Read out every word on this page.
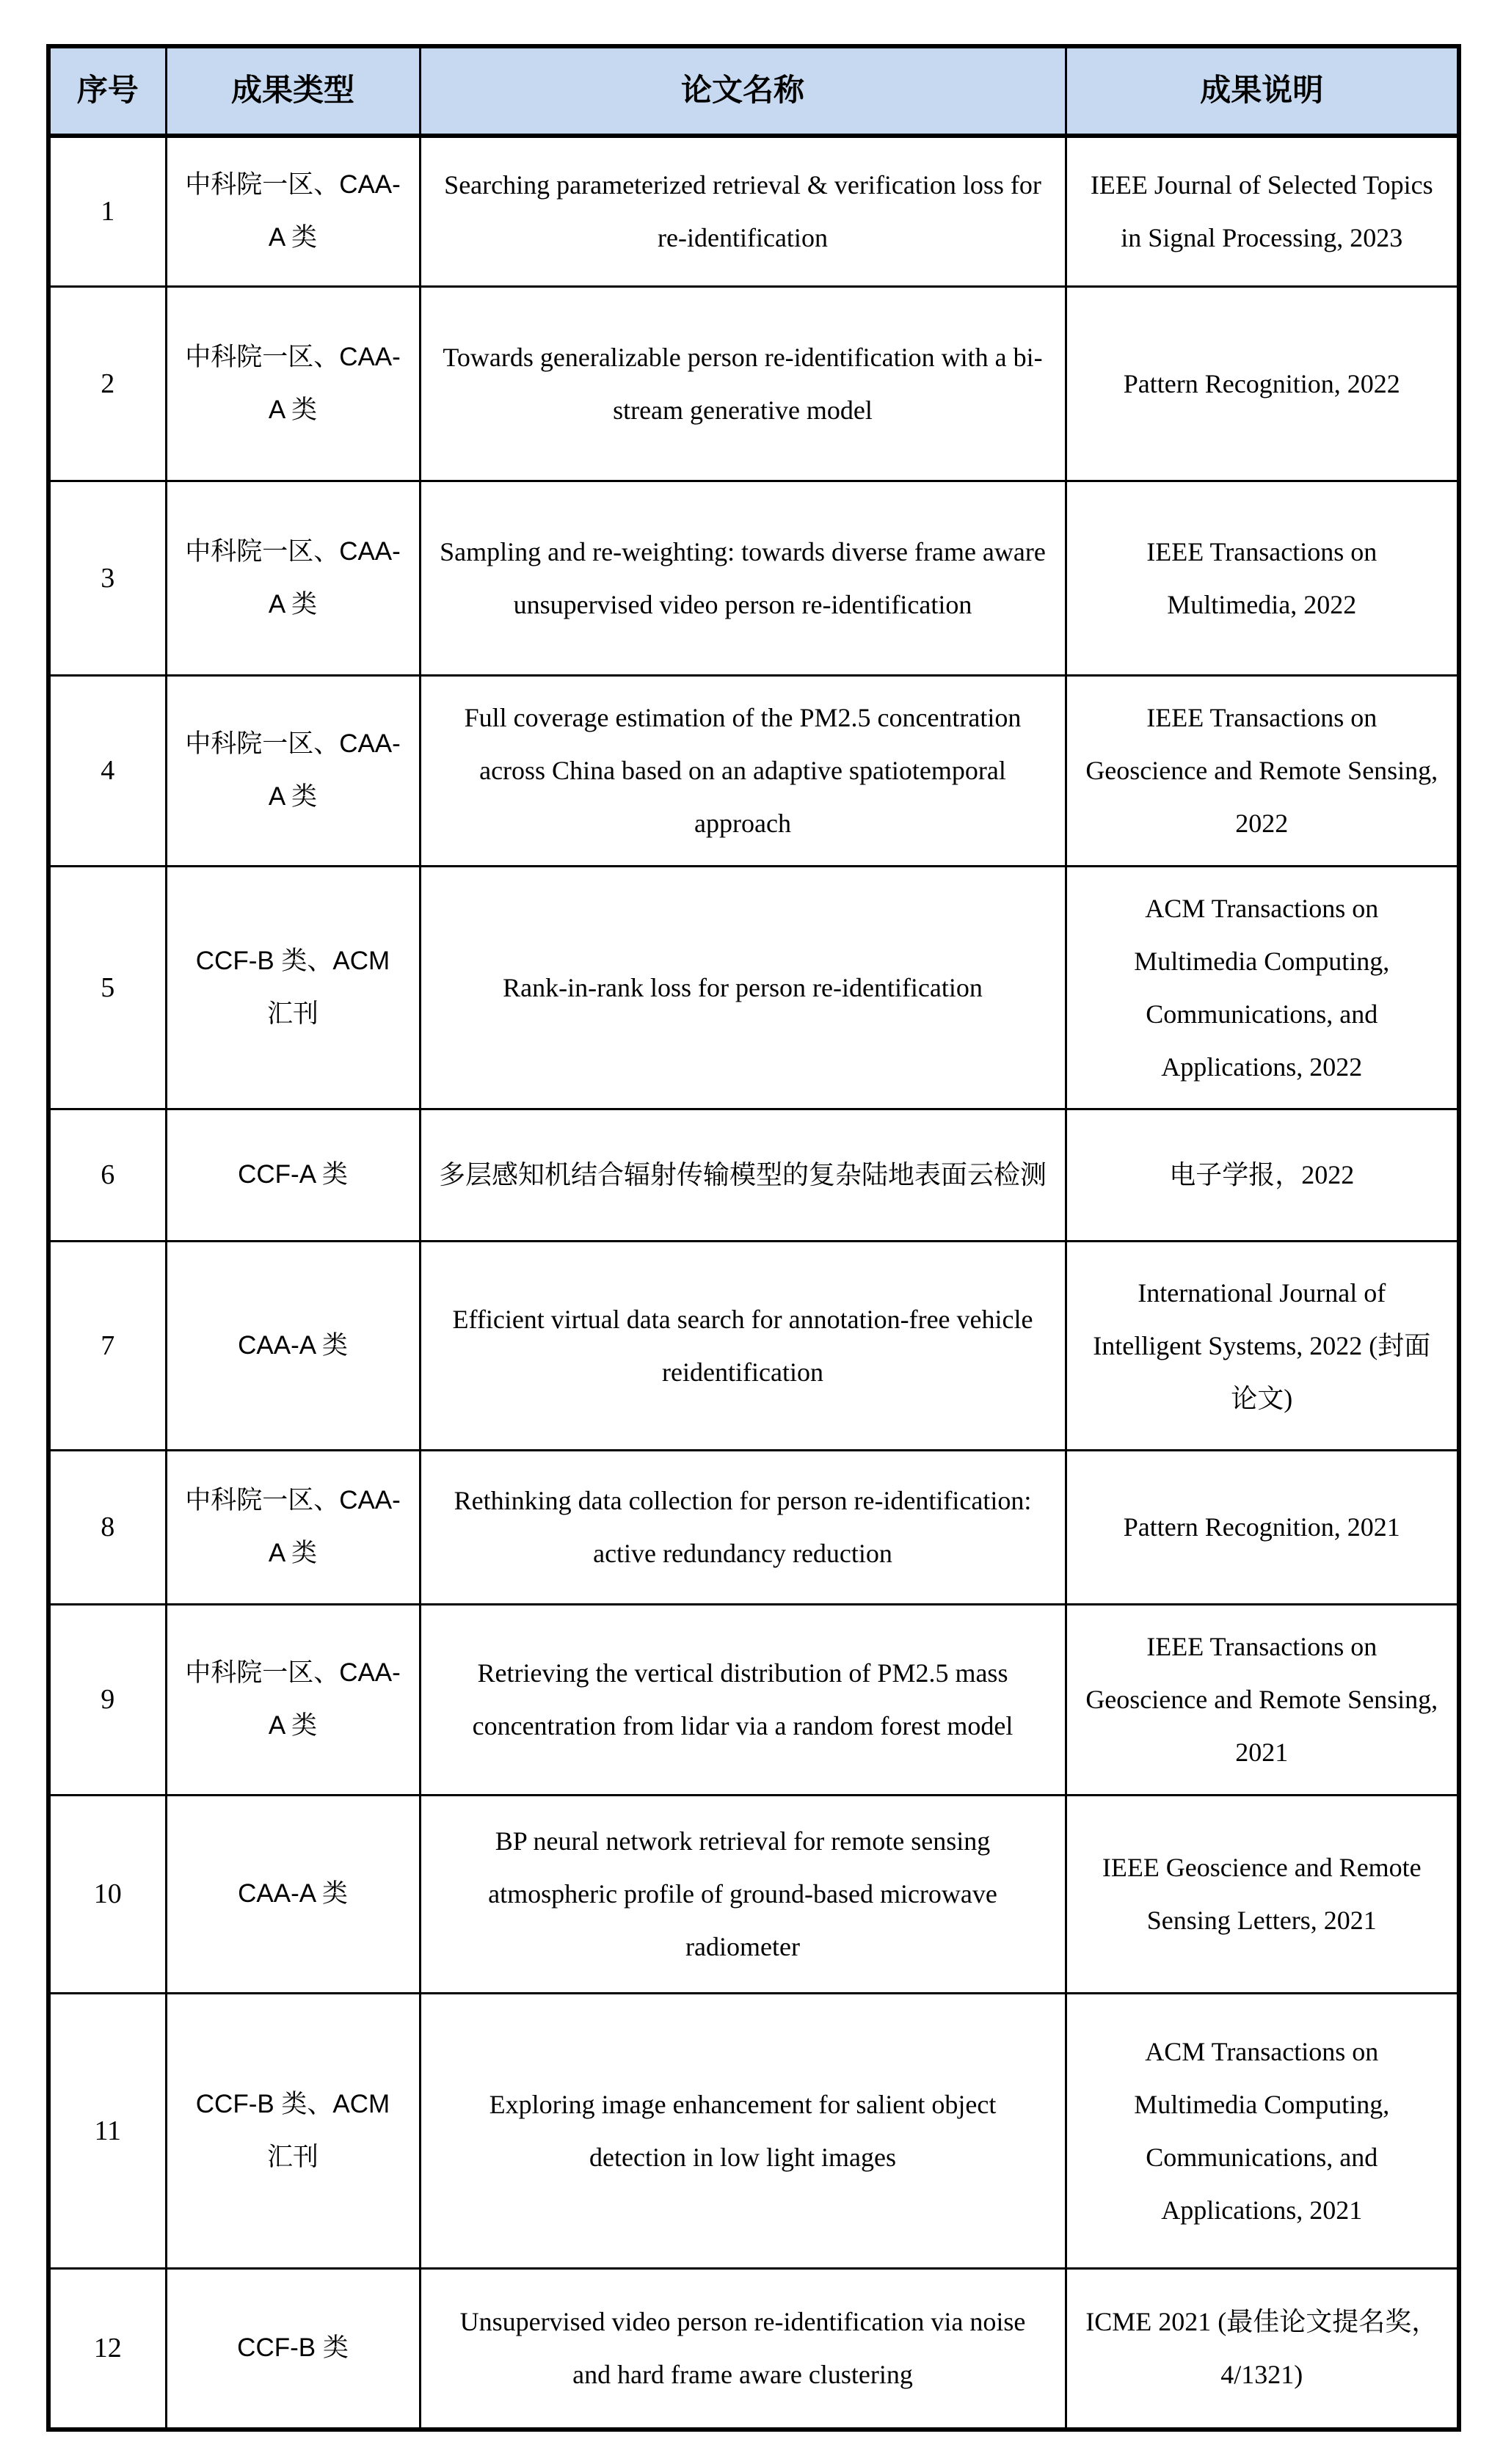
序号	成果类型	论文名称	成果说明
1	中科院一区、CAA-A 类	Searching parameterized retrieval & verification loss for re-identification	IEEE Journal of Selected Topics in Signal Processing, 2023
2	中科院一区、CAA-A 类	Towards generalizable person re-identification with a bi-stream generative model	Pattern Recognition, 2022
3	中科院一区、CAA-A 类	Sampling and re-weighting: towards diverse frame aware unsupervised video person re-identification	IEEE Transactions on Multimedia, 2022
4	中科院一区、CAA-A 类	Full coverage estimation of the PM2.5 concentration across China based on an adaptive spatiotemporal approach	IEEE Transactions on Geoscience and Remote Sensing, 2022
5	CCF-B 类、ACM 汇刊	Rank-in-rank loss for person re-identification	ACM Transactions on Multimedia Computing, Communications, and Applications, 2022
6	CCF-A 类	多层感知机结合辐射传输模型的复杂陆地表面云检测	电子学报，2022
7	CAA-A 类	Efficient virtual data search for annotation-free vehicle reidentification	International Journal of Intelligent Systems, 2022 (封面论文)
8	中科院一区、CAA-A 类	Rethinking data collection for person re-identification: active redundancy reduction	Pattern Recognition, 2021
9	中科院一区、CAA-A 类	Retrieving the vertical distribution of PM2.5 mass concentration from lidar via a random forest model	IEEE Transactions on Geoscience and Remote Sensing, 2021
10	CAA-A 类	BP neural network retrieval for remote sensing atmospheric profile of ground-based microwave radiometer	IEEE Geoscience and Remote Sensing Letters, 2021
11	CCF-B 类、ACM 汇刊	Exploring image enhancement for salient object detection in low light images	ACM Transactions on Multimedia Computing, Communications, and Applications, 2021
12	CCF-B 类	Unsupervised video person re-identification via noise and hard frame aware clustering	ICME 2021 (最佳论文提名奖，4/1321)
